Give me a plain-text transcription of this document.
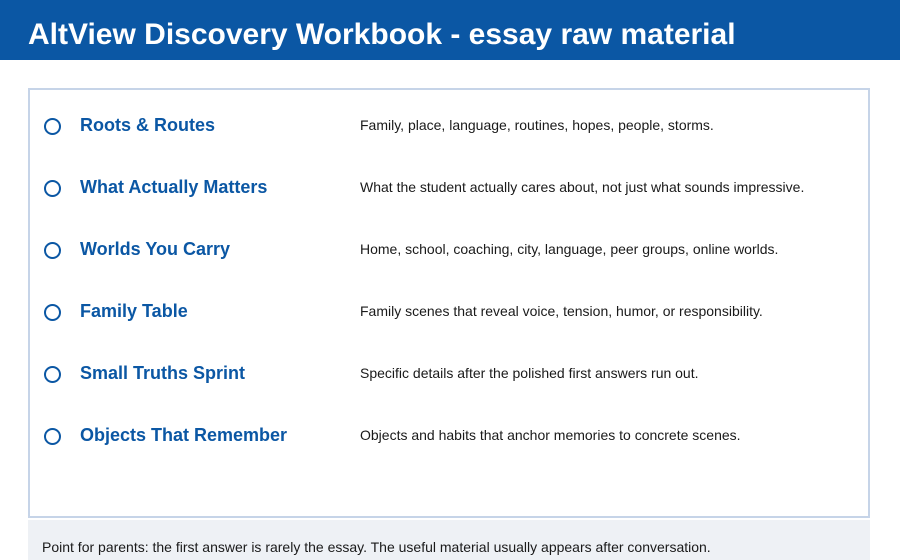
AltView Discovery Workbook - essay raw material
Roots & Routes	Family, place, language, routines, hopes, people, storms.
What Actually Matters	What the student actually cares about, not just what sounds impressive.
Worlds You Carry	Home, school, coaching, city, language, peer groups, online worlds.
Family Table	Family scenes that reveal voice, tension, humor, or responsibility.
Small Truths Sprint	Specific details after the polished first answers run out.
Objects That Remember	Objects and habits that anchor memories to concrete scenes.
Point for parents: the first answer is rarely the essay. The useful material usually appears after conversation.
